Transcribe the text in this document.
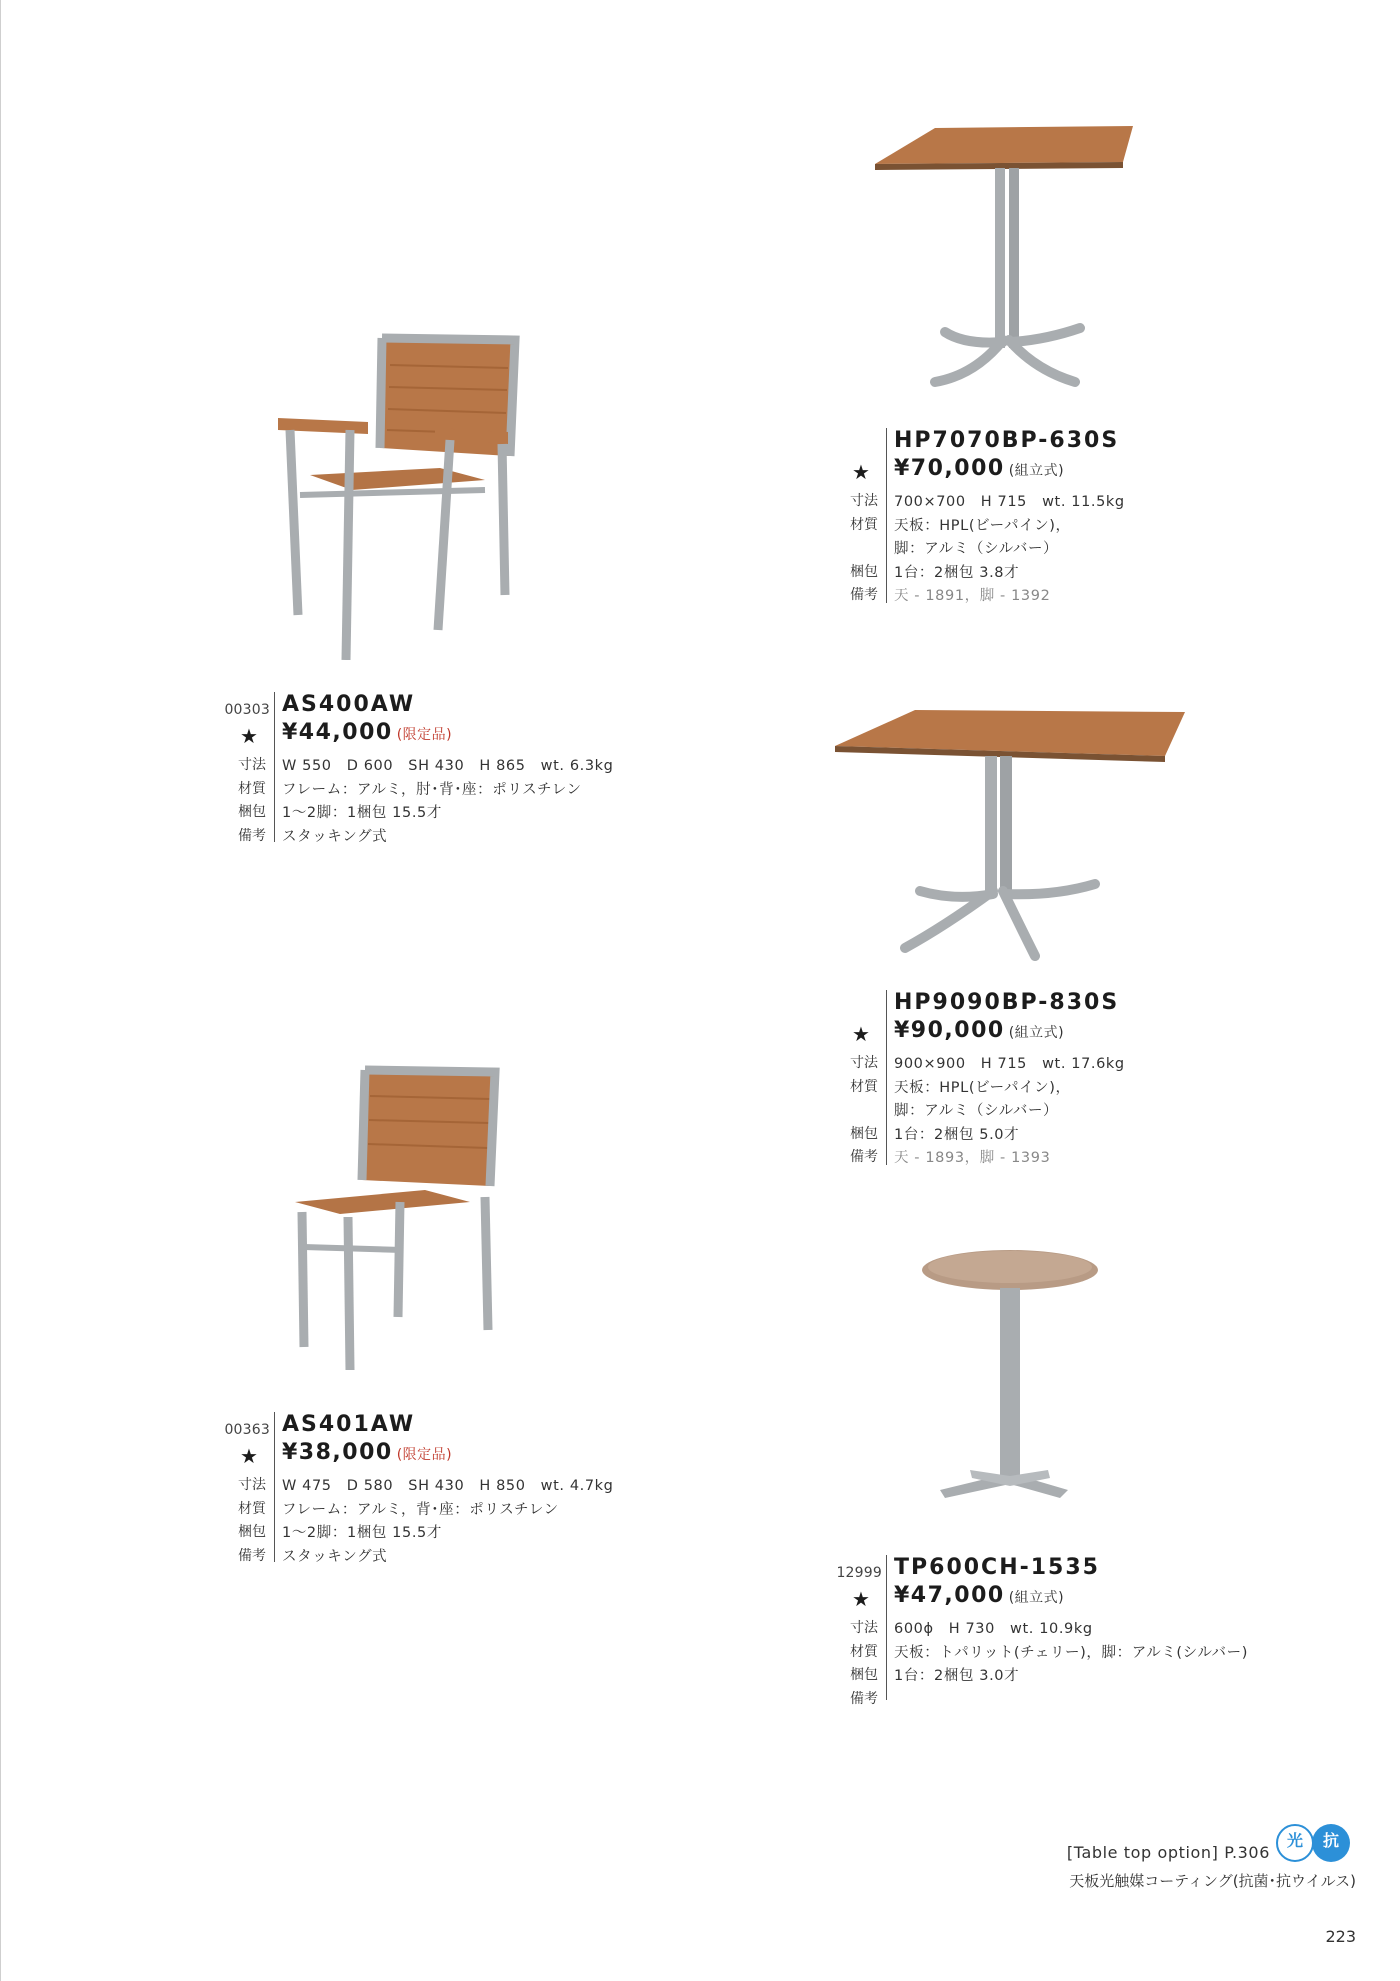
00303 AS400AW
★ ¥44,000 (限定品)
寸法 W 550　D 600　SH 430　H 865　wt. 6.3kg
材質 フレーム：アルミ，肘･背･座：ポリスチレン
梱包 1～2脚：1梱包 15.5才
備考 スタッキング式
00363 AS401AW
★ ¥38,000 (限定品)
寸法 W 475　D 580　SH 430　H 850　wt. 4.7kg
材質 フレーム：アルミ，背･座：ポリスチレン
梱包 1～2脚：1梱包 15.5才
備考 スタッキング式
HP7070BP-630S
★ ¥70,000 (組立式)
寸法 700×700　H 715　wt. 11.5kg
材質 天板：HPL(ビーパイン)，
脚：アルミ（シルバー）
梱包 1台：2梱包 3.8才
備考 天 - 1891，脚 - 1392
HP9090BP-830S
★ ¥90,000 (組立式)
寸法 900×900　H 715　wt. 17.6kg
材質 天板：HPL(ビーパイン)，
脚：アルミ（シルバー）
梱包 1台：2梱包 5.0才
備考 天 - 1893，脚 - 1393
12999 TP600CH-1535
★ ¥47,000 (組立式)
寸法 600ϕ　H 730　wt. 10.9kg
材質 天板：トパリット(チェリー)，脚：アルミ(シルバー)
梱包 1台：2梱包 3.0才
備考
[Table top option] P.306
光	抗
天板光触媒コーティング(抗菌･抗ウイルス)
223
